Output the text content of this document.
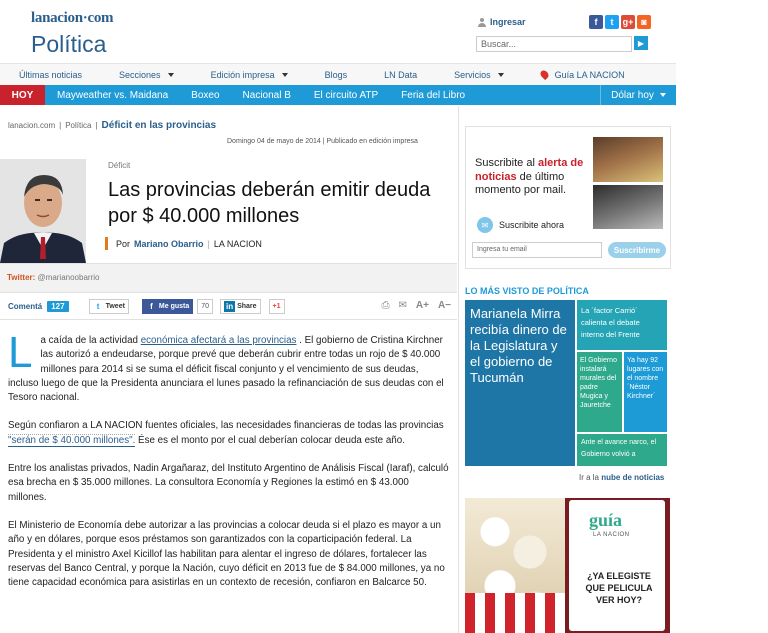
lanacion·com
Política
Ingresar	f	t	g+ ◙
Buscar...	▶
Últimas noticias	Secciones	Edición impresa	Blogs	LN Data	Servicios	Guía LA NACION
HOY	Mayweather vs. Maidana	Boxeo	Nacional B	El circuito ATP	Feria del Libro	Dólar hoy
lanacion.com | Política | Déficit en las provincias
Domingo 04 de mayo de 2014 | Publicado en edición impresa
Déficit
Las provincias deberán emitir deuda por $ 40.000 millones
Por Mariano Obarrio | LA NACION
Twitter: @marianoobarrio
Comentá	127	t Tweet	f Me gusta	70	in Share +1	⎙ ✉ A+ A−

La caída de la actividad económica afectará a las provincias . El gobierno de Cristina Kirchner las autorizó a endeudarse, porque prevé que deberán cubrir entre todas un rojo de $ 40.000 millones para 2014 si se suma el déficit fiscal conjunto y el vencimiento de sus deudas, incluso luego de que la Presidenta anunciara el lunes pasado la refinanciación de sus deudas con el Tesoro nacional.

Según confiaron a LA NACION fuentes oficiales, las necesidades financieras de todas las provincias "serán de $ 40.000 millones". Ése es el monto por el cual deberían colocar deuda este año.

Entre los analistas privados, Nadin Argañaraz, del Instituto Argentino de Análisis Fiscal (Iaraf), calculó esa brecha en $ 35.000 millones. La consultora Economía y Regiones la estimó en $ 43.000 millones.

El Ministerio de Economía debe autorizar a las provincias a colocar deuda si el plazo es mayor a un año y en dólares, porque esos préstamos son garantizados con la coparticipación federal. La Presidenta y el ministro Axel Kicillof las habilitan para alentar el ingreso de dólares, fortalecer las reservas del Banco Central, y porque la Nación, cuyo déficit en 2013 fue de $ 84.000 millones, ya no tiene capacidad económica para asistirlas en un contexto de recesión, confiaron en Balcarce 50.

Suscribite al alerta de noticias de último momento por mail.
✉	Suscribite ahora
Ingresa tu email	Suscribirme
LO MÁS VISTO DE POLÍTICA
Marianela Mirra recibía dinero de la Legislatura y el gobierno de Tucumán
La ´factor Carrió´ calienta el debate interno del Frente
El Gobierno instalará murales del padre Mugica y Jauretche
Ya hay 92 lugares con el nombre ´Néstor Kirchner´
Ante el avance narco, el Gobierno volvió a
Ir a la nube de noticias
guía
LA NACION
¿YA ELEGISTE QUE PELICULA VER HOY?
